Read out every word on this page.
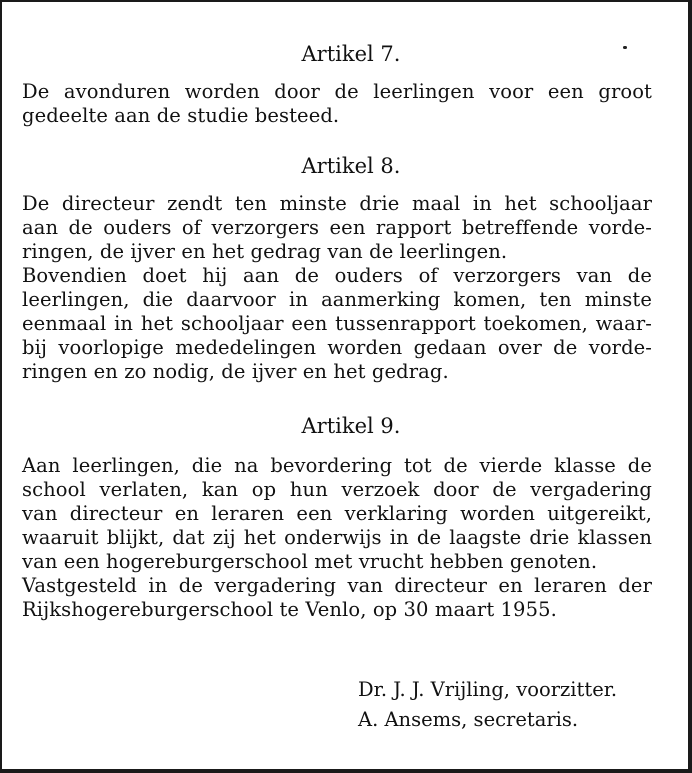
Artikel 7.
De avonduren worden door de leerlingen voor een groot
gedeelte aan de studie besteed.
Artikel 8.
De directeur zendt ten minste drie maal in het schooljaar
aan de ouders of verzorgers een rapport betreffende vorde-
ringen, de ijver en het gedrag van de leerlingen.
Bovendien doet hij aan de ouders of verzorgers van de
leerlingen, die daarvoor in aanmerking komen, ten minste
eenmaal in het schooljaar een tussenrapport toekomen, waar-
bij voorlopige mededelingen worden gedaan over de vorde-
ringen en zo nodig, de ijver en het gedrag.
Artikel 9.
Aan leerlingen, die na bevordering tot de vierde klasse de
school verlaten, kan op hun verzoek door de vergadering
van directeur en leraren een verklaring worden uitgereikt,
waaruit blijkt, dat zij het onderwijs in de laagste drie klassen
van een hogereburgerschool met vrucht hebben genoten.
Vastgesteld in de vergadering van directeur en leraren der
Rijkshogereburgerschool te Venlo, op 30 maart 1955.
Dr. J. J. Vrijling, voorzitter.
A. Ansems, secretaris.
